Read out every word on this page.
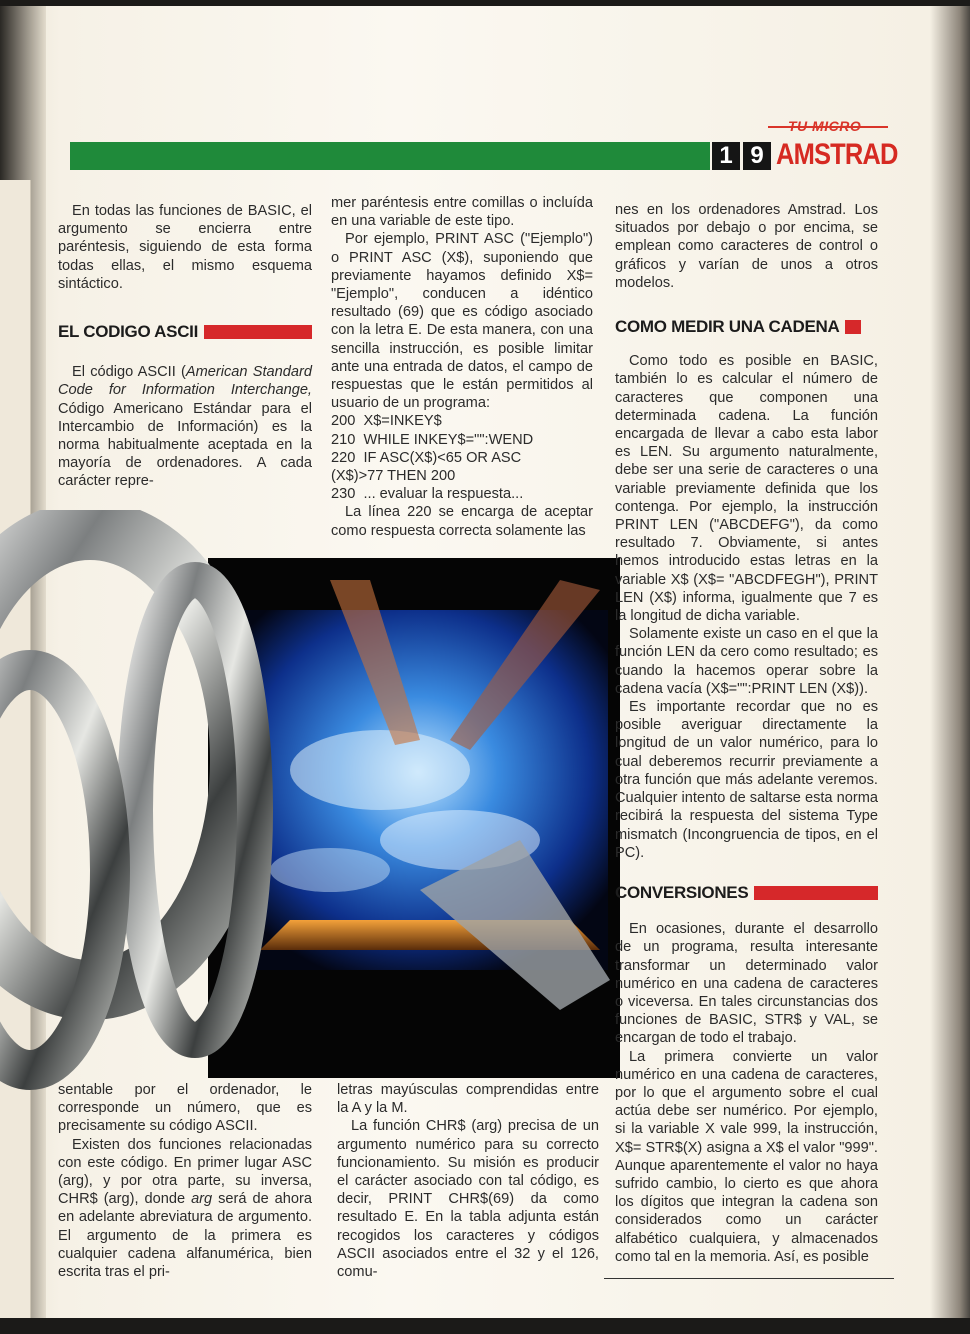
TU MICRO
1 9 AMSTRAD

En todas las funciones de BASIC, el argumento se encierra entre paréntesis, siguiendo de esta forma todas ellas, el mismo esquema sintáctico.

EL CODIGO ASCII

El código ASCII (American Standard Code for Information Interchange, Código Americano Estándar para el Intercambio de Información) es la norma habitualmente aceptada en la mayoría de ordenadores. A cada carácter repre-

sentable por el ordenador, le corresponde un número, que es precisamente su código ASCII.

Existen dos funciones relacionadas con este código. En primer lugar ASC (arg), y por otra parte, su inversa, CHR$ (arg), donde arg será de ahora en adelante abreviatura de argumento. El argumento de la primera es cualquier cadena alfanumérica, bien escrita tras el pri-

mer paréntesis entre comillas o incluída en una variable de este tipo.

Por ejemplo, PRINT ASC ("Ejemplo") o PRINT ASC (X$), suponiendo que previamente hayamos definido X$= "Ejemplo", conducen a idéntico resultado (69) que es código asociado con la letra E. De esta manera, con una sencilla instrucción, es posible limitar ante una entrada de datos, el campo de respuestas que le están permitidos al usuario de un programa:

200  X$=INKEY$

210  WHILE INKEY$="":WEND

220  IF ASC(X$)<65 OR ASC

(X$)>77 THEN 200

230  ... evaluar la respuesta...

La línea 220 se encarga de aceptar como respuesta correcta solamente las

letras mayúsculas comprendidas entre la A y la M.

La función CHR$ (arg) precisa de un argumento numérico para su correcto funcionamiento. Su misión es producir el carácter asociado con tal código, es decir, PRINT CHR$(69) da como resultado E. En la tabla adjunta están recogidos los caracteres y códigos ASCII asociados entre el 32 y el 126, comu-

nes en los ordenadores Amstrad. Los situados por debajo o por encima, se emplean como caracteres de control o gráficos y varían de unos a otros modelos.

COMO MEDIR UNA CADENA

Como todo es posible en BASIC, también lo es calcular el número de caracteres que componen una determinada cadena. La función encargada de llevar a cabo esta labor es LEN. Su argumento naturalmente, debe ser una serie de caracteres o una variable previamente definida que los contenga. Por ejemplo, la instrucción PRINT LEN ("ABCDEFG"), da como resultado 7. Obviamente, si antes hemos introducido estas letras en la variable X$ (X$= "ABCDFEGH"), PRINT LEN (X$) informa, igualmente que 7 es la longitud de dicha variable.

Solamente existe un caso en el que la función LEN da cero como resultado; es cuando la hacemos operar sobre la cadena vacía (X$="":PRINT LEN (X$)).

Es importante recordar que no es posible averiguar directamente la longitud de un valor numérico, para lo cual deberemos recurrir previamente a otra función que más adelante veremos. Cualquier intento de saltarse esta norma recibirá la respuesta del sistema Type mismatch (Incongruencia de tipos, en el PC).

CONVERSIONES

En ocasiones, durante el desarrollo de un programa, resulta interesante transformar un determinado valor numérico en una cadena de caracteres o viceversa. En tales circunstancias dos funciones de BASIC, STR$ y VAL, se encargan de todo el trabajo.

La primera convierte un valor numérico en una cadena de caracteres, por lo que el argumento sobre el cual actúa debe ser numérico. Por ejemplo, si la variable X vale 999, la instrucción, X$= STR$(X) asigna a X$ el valor "999". Aunque aparentemente el valor no haya sufrido cambio, lo cierto es que ahora los dígitos que integran la cadena son considerados como un carácter alfabético cualquiera, y almacenados como tal en la memoria. Así, es posible
